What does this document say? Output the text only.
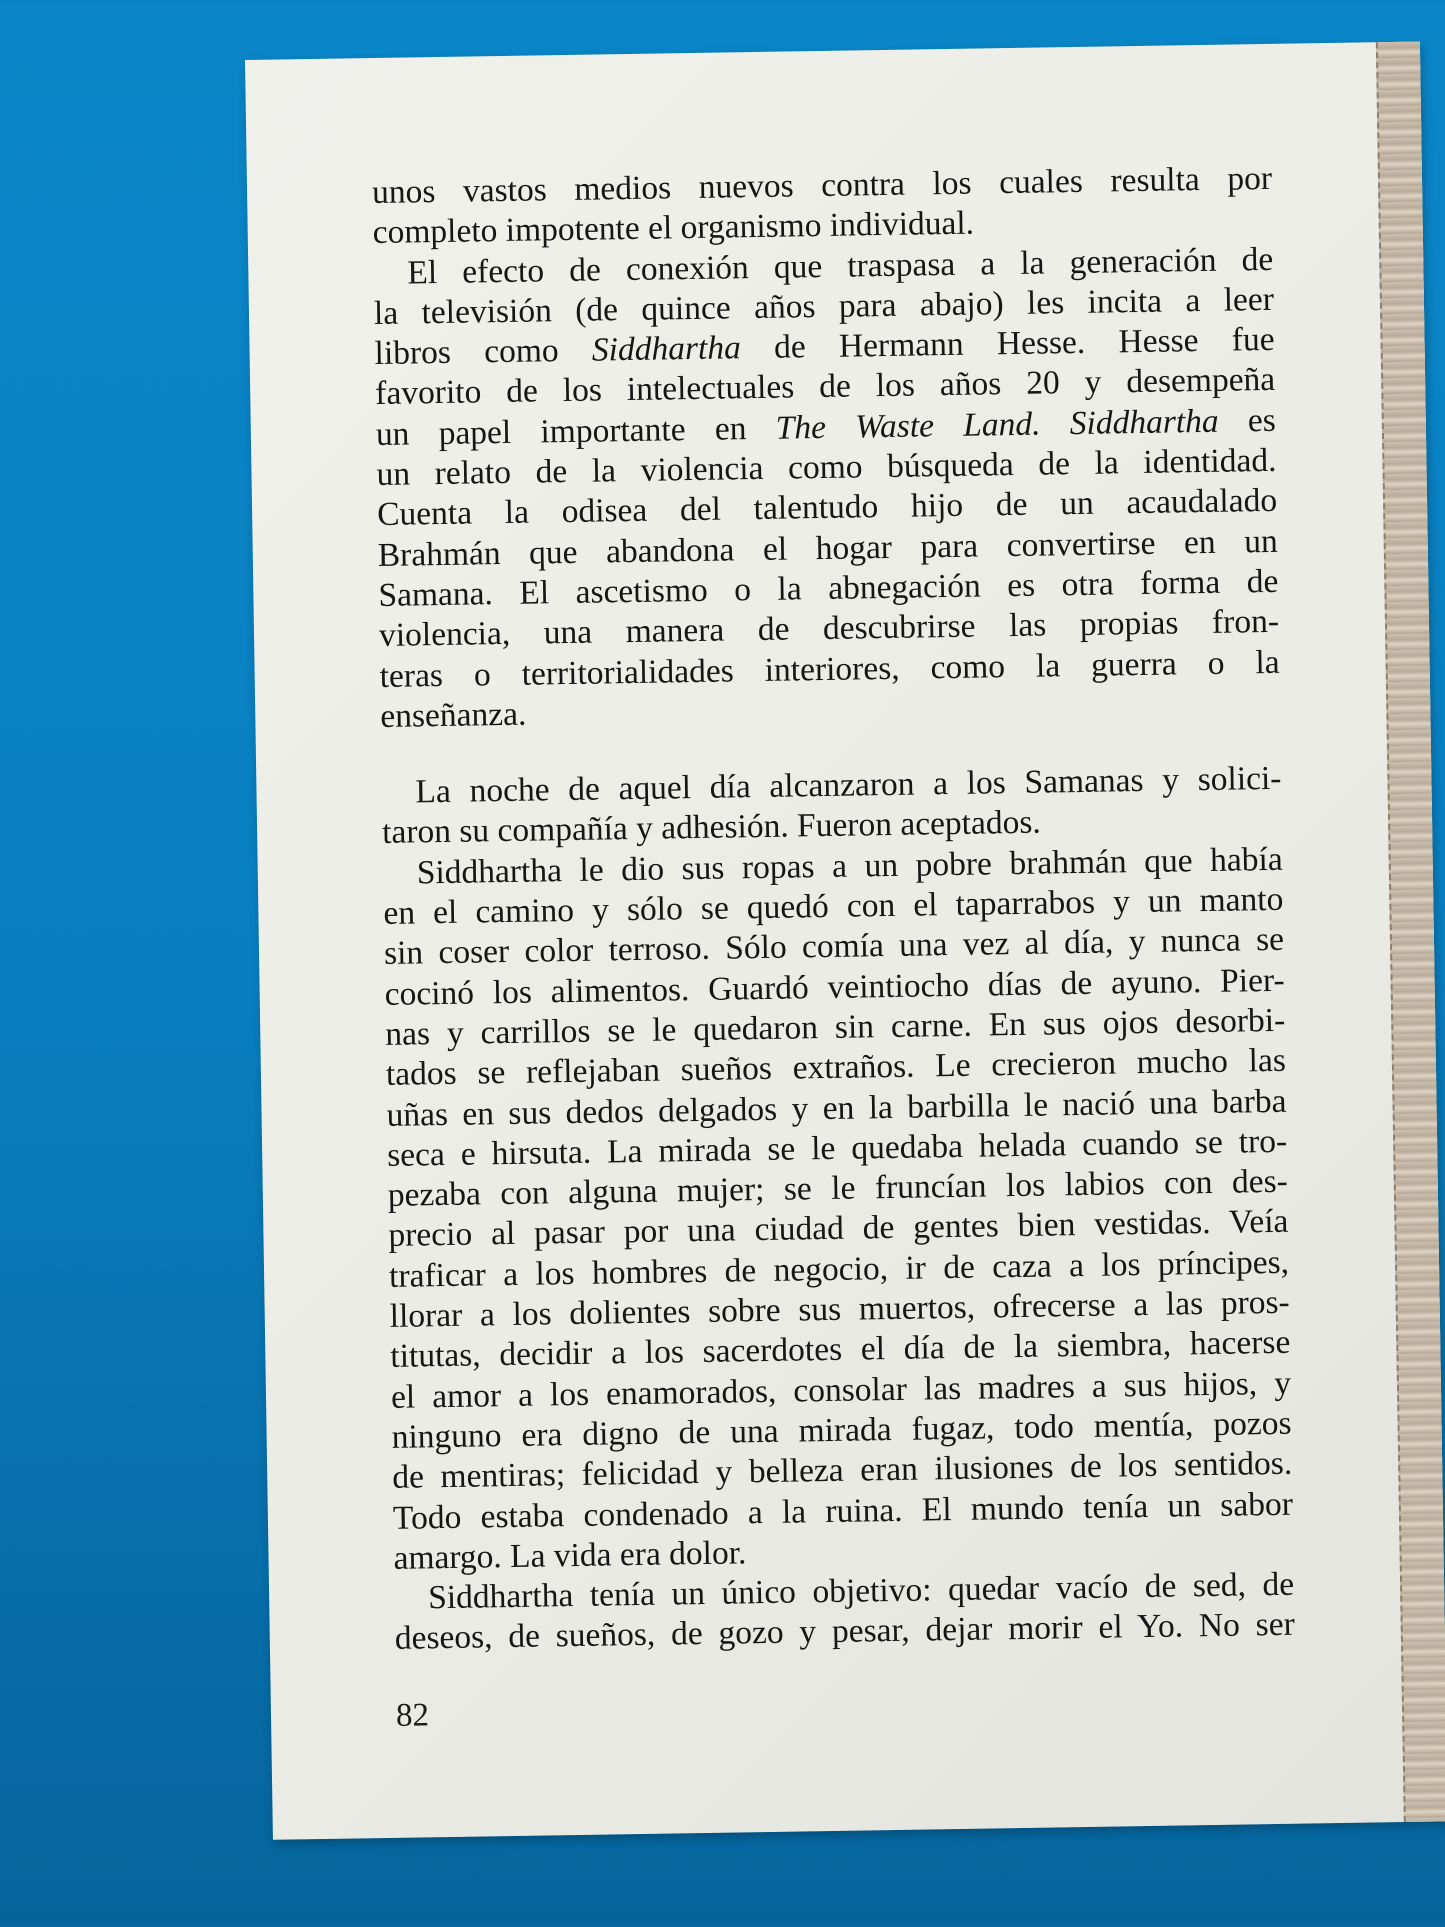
unos vastos medios nuevos contra los cuales resulta por
completo impotente el organismo individual.
El efecto de conexión que traspasa a la generación de
la televisión (de quince años para abajo) les incita a leer
libros como Siddhartha de Hermann Hesse. Hesse fue
favorito de los intelectuales de los años 20 y desempeña
un papel importante en The Waste Land. Siddhartha es
un relato de la violencia como búsqueda de la identidad.
Cuenta la odisea del talentudo hijo de un acaudalado
Brahmán que abandona el hogar para convertirse en un
Samana. El ascetismo o la abnegación es otra forma de
violencia, una manera de descubrirse las propias fron-
teras o territorialidades interiores, como la guerra o la
enseñanza.
La noche de aquel día alcanzaron a los Samanas y solici-
taron su compañía y adhesión. Fueron aceptados.
Siddhartha le dio sus ropas a un pobre brahmán que había
en el camino y sólo se quedó con el taparrabos y un manto
sin coser color terroso. Sólo comía una vez al día, y nunca se
cocinó los alimentos. Guardó veintiocho días de ayuno. Pier-
nas y carrillos se le quedaron sin carne. En sus ojos desorbi-
tados se reflejaban sueños extraños. Le crecieron mucho las
uñas en sus dedos delgados y en la barbilla le nació una barba
seca e hirsuta. La mirada se le quedaba helada cuando se tro-
pezaba con alguna mujer; se le fruncían los labios con des-
precio al pasar por una ciudad de gentes bien vestidas. Veía
traficar a los hombres de negocio, ir de caza a los príncipes,
llorar a los dolientes sobre sus muertos, ofrecerse a las pros-
titutas, decidir a los sacerdotes el día de la siembra, hacerse
el amor a los enamorados, consolar las madres a sus hijos, y
ninguno era digno de una mirada fugaz, todo mentía, pozos
de mentiras; felicidad y belleza eran ilusiones de los sentidos.
Todo estaba condenado a la ruina. El mundo tenía un sabor
amargo. La vida era dolor.
Siddhartha tenía un único objetivo: quedar vacío de sed, de
deseos, de sueños, de gozo y pesar, dejar morir el Yo. No ser
82
